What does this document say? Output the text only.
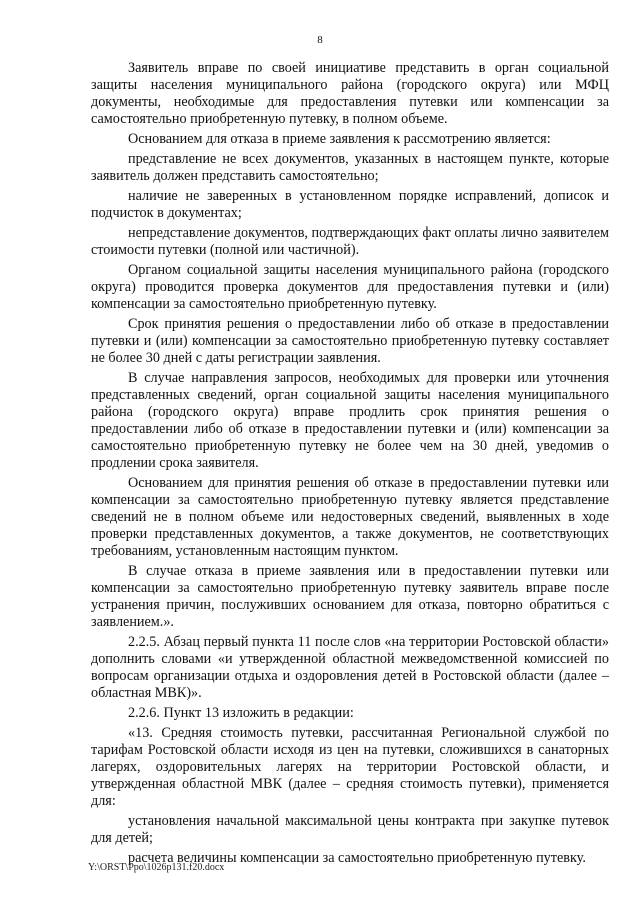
8

Заявитель вправе по своей инициативе представить в орган социальной защиты населения муниципального района (городского округа) или МФЦ документы, необходимые для предоставления путевки или компенсации за самостоятельно приобретенную путевку, в полном объеме.

Основанием для отказа в приеме заявления к рассмотрению является:

представление не всех документов, указанных в настоящем пункте, которые заявитель должен представить самостоятельно;

наличие не заверенных в установленном порядке исправлений, дописок и подчисток в документах;

непредставление документов, подтверждающих факт оплаты лично заявителем стоимости путевки (полной или частичной).

Органом социальной защиты населения муниципального района (городского округа) проводится проверка документов для предоставления путевки и (или) компенсации за самостоятельно приобретенную путевку.

Срок принятия решения о предоставлении либо об отказе в предоставлении путевки и (или) компенсации за самостоятельно приобретенную путевку составляет не более 30 дней с даты регистрации заявления.

В случае направления запросов, необходимых для проверки или уточнения представленных сведений, орган социальной защиты населения муниципального района (городского округа) вправе продлить срок принятия решения о предоставлении либо об отказе в предоставлении путевки и (или) компенсации за самостоятельно приобретенную путевку не более чем на 30 дней, уведомив о продлении срока заявителя.

Основанием для принятия решения об отказе в предоставлении путевки или компенсации за самостоятельно приобретенную путевку является представление сведений не в полном объеме или недостоверных сведений, выявленных в ходе проверки представленных документов, а также документов, не соответствующих требованиям, установленным настоящим пунктом.

В случае отказа в приеме заявления или в предоставлении путевки или компенсации за самостоятельно приобретенную путевку заявитель вправе после устранения причин, послуживших основанием для отказа, повторно обратиться с заявлением.».

2.2.5. Абзац первый пункта 11 после слов «на территории Ростовской области» дополнить словами «и утвержденной областной межведомственной комиссией по вопросам организации отдыха и оздоровления детей в Ростовской области (далее – областная МВК)».

2.2.6. Пункт 13 изложить в редакции:

«13. Средняя стоимость путевки, рассчитанная Региональной службой по тарифам Ростовской области исходя из цен на путевки, сложившихся в санаторных лагерях, оздоровительных лагерях на территории Ростовской области, и утвержденная областной МВК (далее – средняя стоимость путевки), применяется для:

установления начальной максимальной цены контракта при закупке путевок для детей;

расчета величины компенсации за самостоятельно приобретенную путевку.

Y:\ORST\Ppo\1026p131.f20.docx
